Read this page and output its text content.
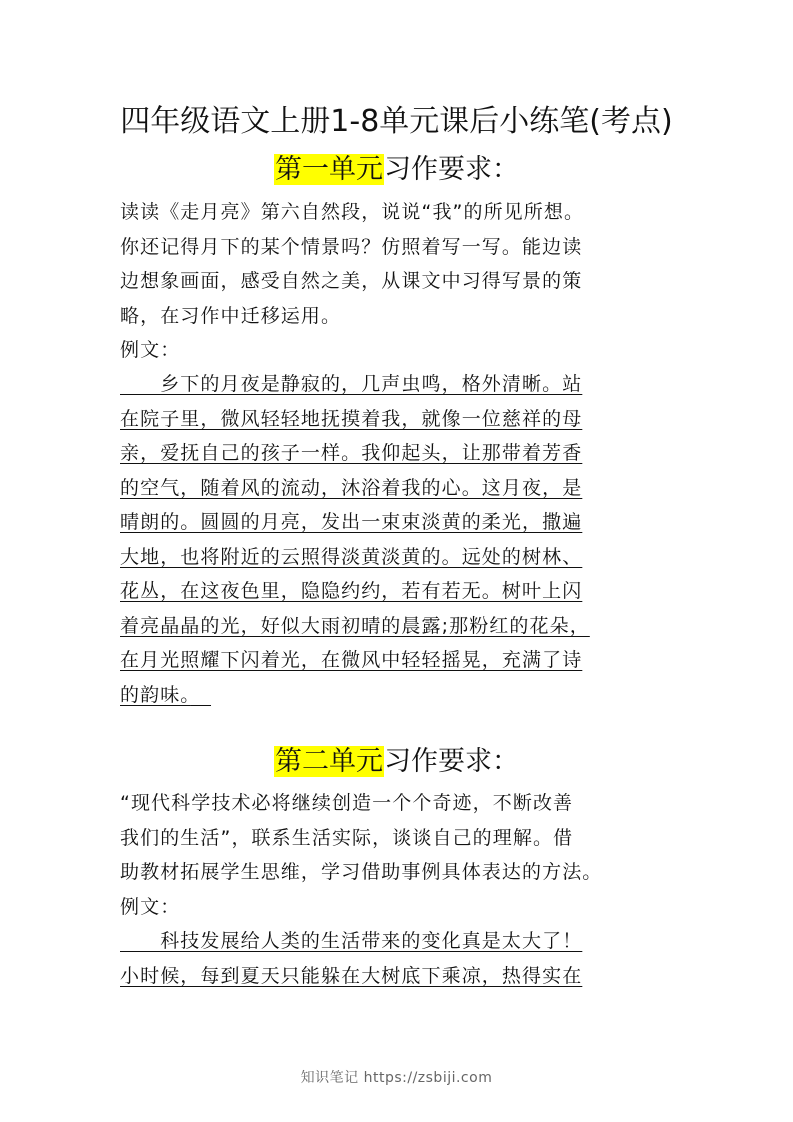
四年级语文上册1-8单元课后小练笔(考点)
第一单元习作要求：
读读《走月亮》第六自然段，说说“我”的所见所想。
你还记得月下的某个情景吗？仿照着写一写。能边读
边想象画面，感受自然之美，从课文中习得写景的策
略，在习作中迁移运用。
例文：
　　乡下的月夜是静寂的，几声虫鸣，格外清晰。站
在院子里，微风轻轻地抚摸着我，就像一位慈祥的母
亲，爱抚自己的孩子一样。我仰起头，让那带着芳香
的空气，随着风的流动，沐浴着我的心。这月夜，是
晴朗的。圆圆的月亮，发出一束束淡黄的柔光，撒遍
大地，也将附近的云照得淡黄淡黄的。远处的树林、
花丛，在这夜色里，隐隐约约，若有若无。树叶上闪
着亮晶晶的光，好似大雨初晴的晨露;那粉红的花朵，
在月光照耀下闪着光，在微风中轻轻摇晃，充满了诗
的韵味。　
第二单元习作要求：
“现代科学技术必将继续创造一个个奇迹，不断改善
我们的生活”，联系生活实际，谈谈自己的理解。借
助教材拓展学生思维，学习借助事例具体表达的方法。
例文：
　　科技发展给人类的生活带来的变化真是太大了！
小时候，每到夏天只能躲在大树底下乘凉，热得实在
知识笔记 https://zsbiji.com
